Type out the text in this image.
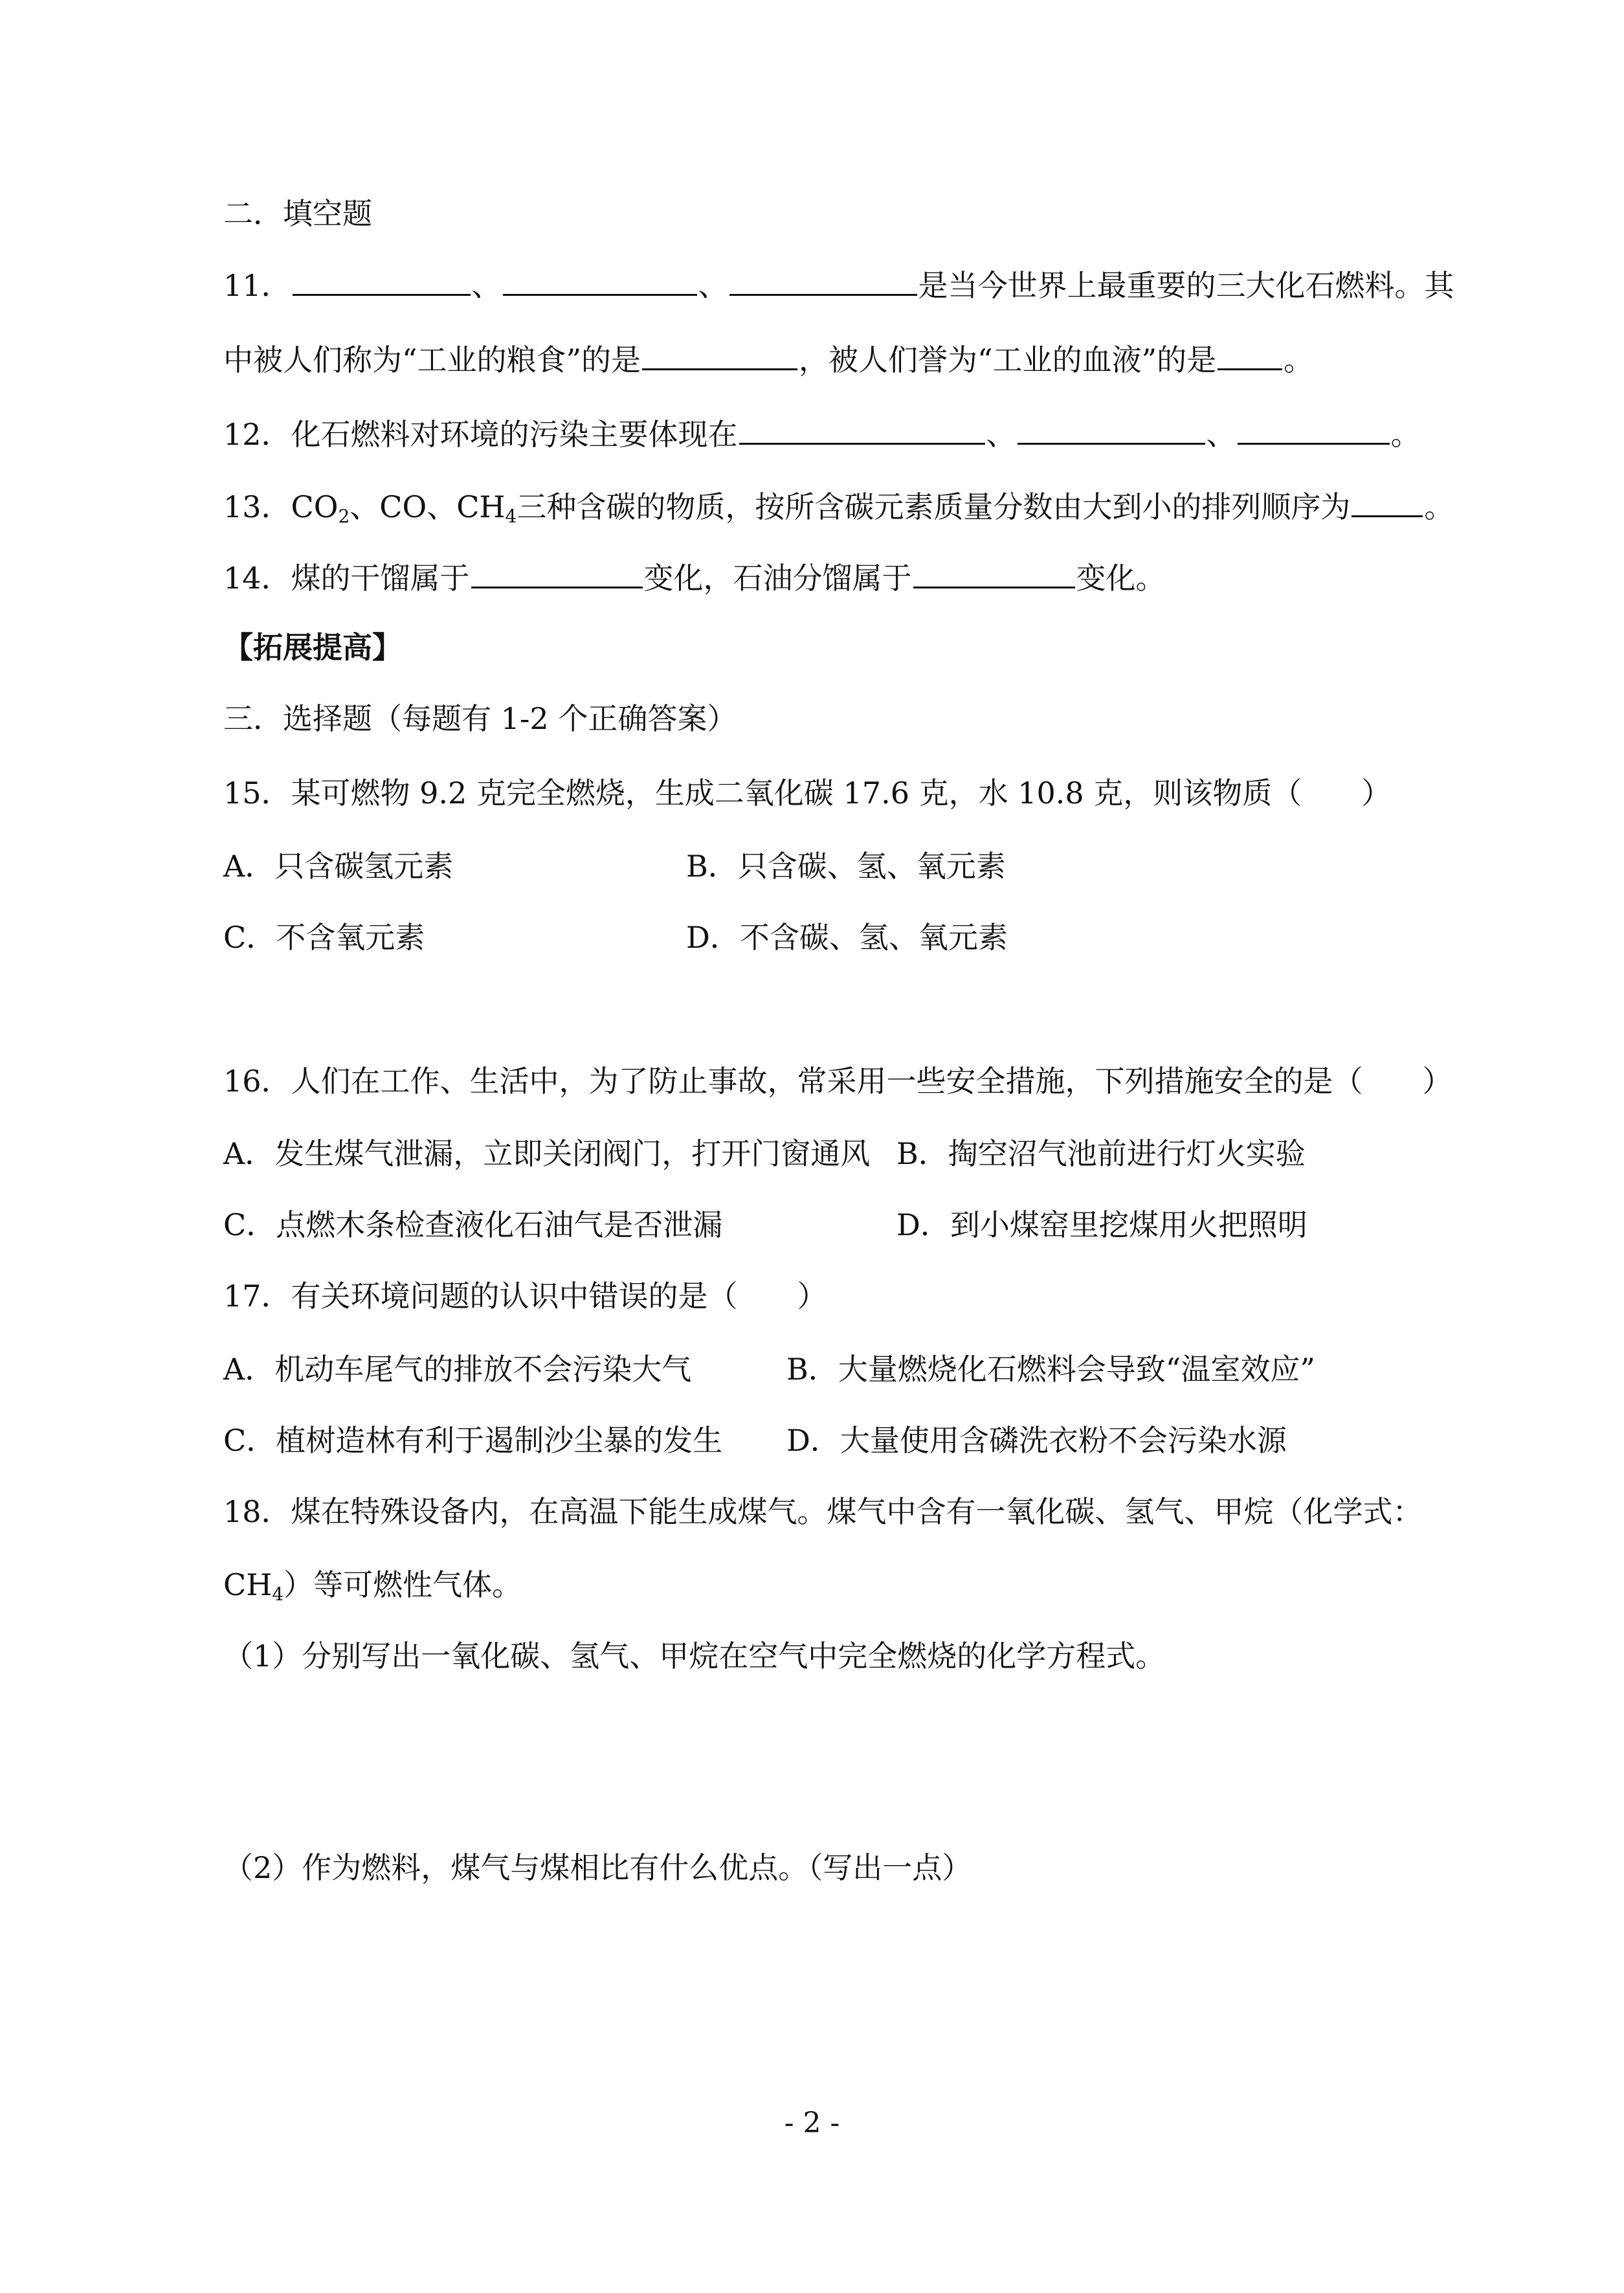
二．填空题
11．	、	、	是当今世界上最重要的三大化石燃料。其
中被人们称为“工业的粮食”的是	，被人们誉为“工业的血液”的是 。
12．化石燃料对环境的污染主要体现在	、	、	。
13．$CO_2$、CO、$CH_4$三种含碳的物质，按所含碳元素质量分数由大到小的排列顺序为 。
14．煤的干馏属于	变化，石油分馏属于	变化。
【拓展提高】
三．选择题（每题有 1-2 个正确答案）
15．某可燃物 9.2 克完全燃烧，生成二氧化碳 17.6 克，水 10.8 克，则该物质（　　）
A．只含碳氢元素	B．只含碳、氢、氧元素
C．不含氧元素	D．不含碳、氢、氧元素
16．人们在工作、生活中，为了防止事故，常采用一些安全措施，下列措施安全的是（　　）
A．发生煤气泄漏，立即关闭阀门，打开门窗通风 B．掏空沼气池前进行灯火实验
C．点燃木条检查液化石油气是否泄漏	D．到小煤窑里挖煤用火把照明
17．有关环境问题的认识中错误的是（　　）
A．机动车尾气的排放不会污染大气	B．大量燃烧化石燃料会导致“温室效应”
C．植树造林有利于遏制沙尘暴的发生 D．大量使用含磷洗衣粉不会污染水源
18．煤在特殊设备内，在高温下能生成煤气。煤气中含有一氧化碳、氢气、甲烷（化学式：
$CH_4$）等可燃性气体。
（1）分别写出一氧化碳、氢气、甲烷在空气中完全燃烧的化学方程式。
（2）作为燃料，煤气与煤相比有什么优点。（写出一点）
- 2 -
